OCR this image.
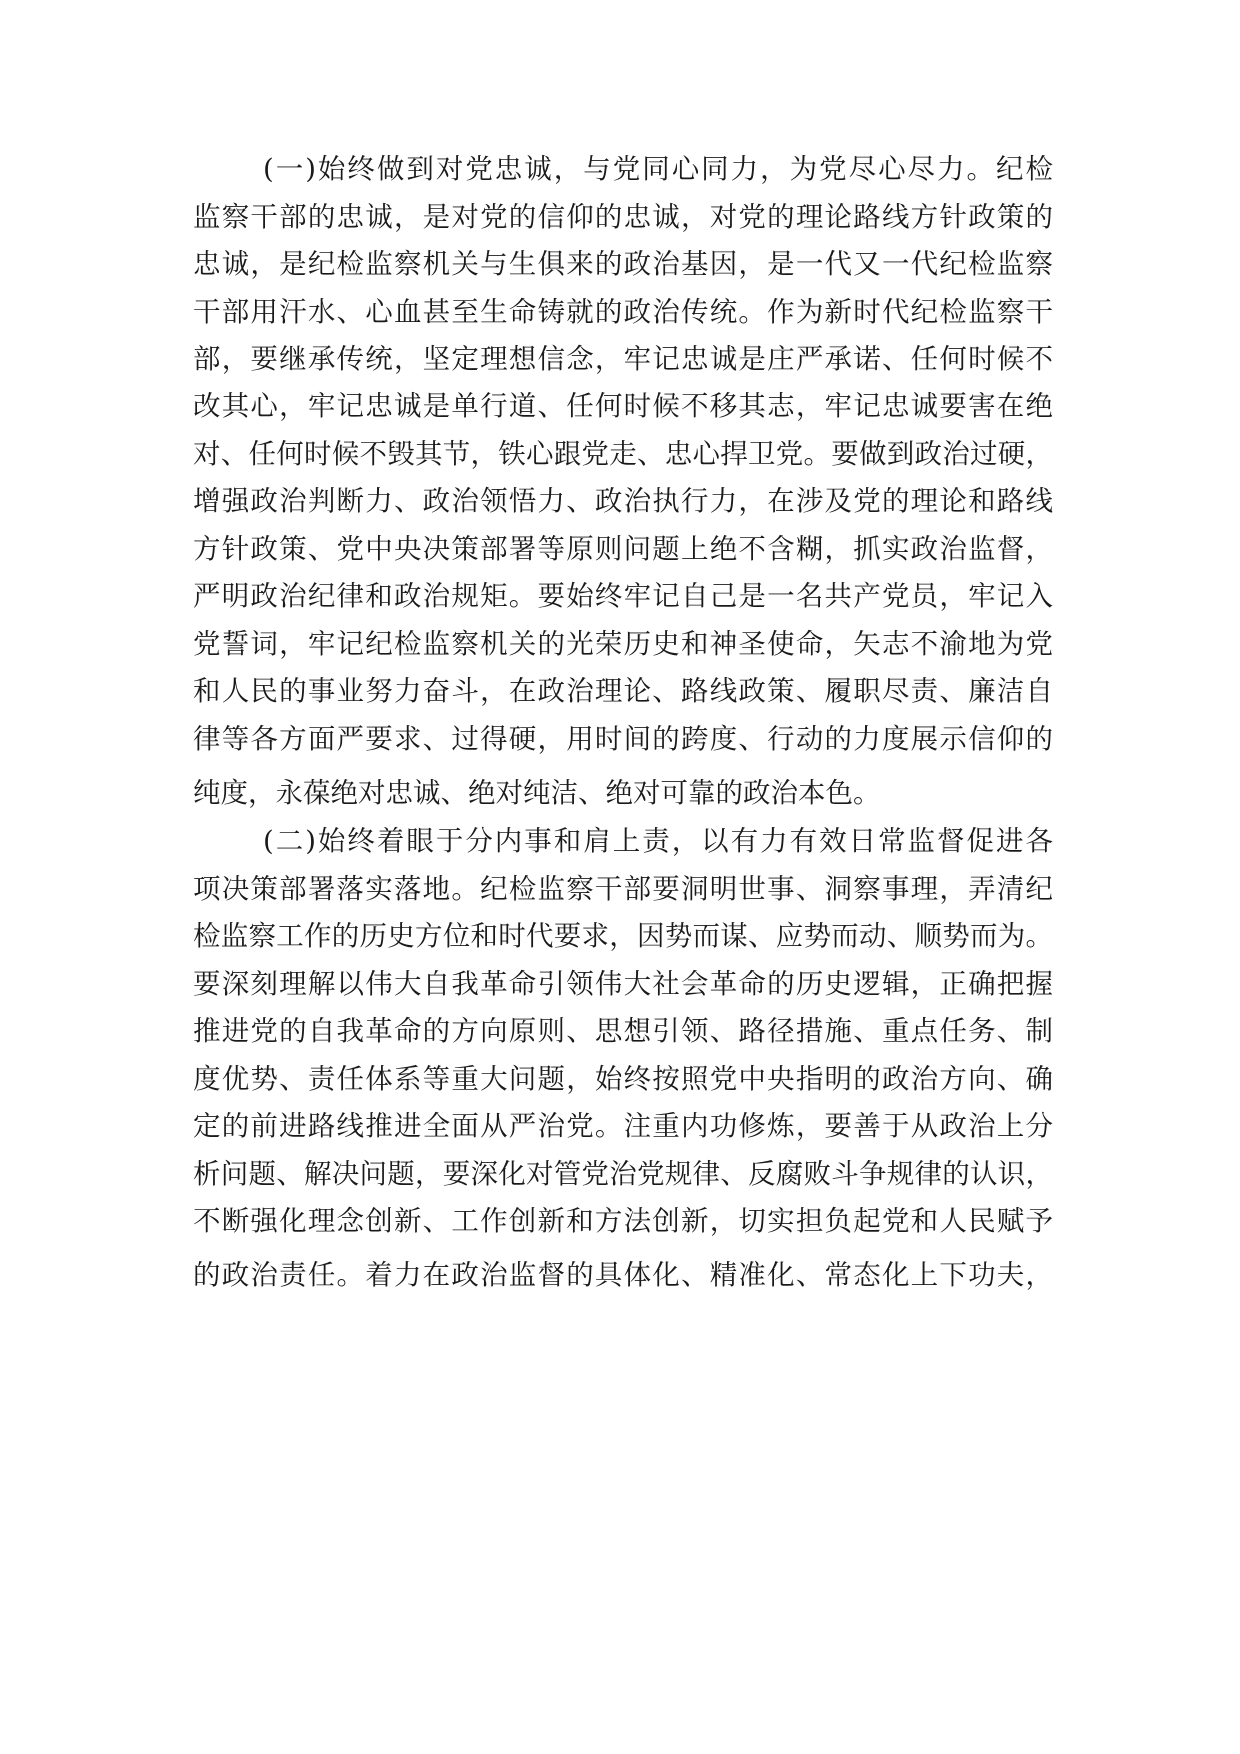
(一)始终做到对党忠诚，与党同心同力，为党尽心尽力。纪检
监察干部的忠诚，是对党的信仰的忠诚，对党的理论路线方针政策的
忠诚，是纪检监察机关与生俱来的政治基因，是一代又一代纪检监察
干部用汗水、心血甚至生命铸就的政治传统。作为新时代纪检监察干
部，要继承传统，坚定理想信念，牢记忠诚是庄严承诺、任何时候不
改其心，牢记忠诚是单行道、任何时候不移其志，牢记忠诚要害在绝
对、任何时候不毁其节，铁心跟党走、忠心捍卫党。要做到政治过硬，
增强政治判断力、政治领悟力、政治执行力，在涉及党的理论和路线
方针政策、党中央决策部署等原则问题上绝不含糊，抓实政治监督，
严明政治纪律和政治规矩。要始终牢记自己是一名共产党员，牢记入
党誓词，牢记纪检监察机关的光荣历史和神圣使命，矢志不渝地为党
和人民的事业努力奋斗，在政治理论、路线政策、履职尽责、廉洁自
律等各方面严要求、过得硬，用时间的跨度、行动的力度展示信仰的
纯度，永葆绝对忠诚、绝对纯洁、绝对可靠的政治本色。
(二)始终着眼于分内事和肩上责，以有力有效日常监督促进各
项决策部署落实落地。纪检监察干部要洞明世事、洞察事理，弄清纪
检监察工作的历史方位和时代要求，因势而谋、应势而动、顺势而为。
要深刻理解以伟大自我革命引领伟大社会革命的历史逻辑，正确把握
推进党的自我革命的方向原则、思想引领、路径措施、重点任务、制
度优势、责任体系等重大问题，始终按照党中央指明的政治方向、确
定的前进路线推进全面从严治党。注重内功修炼，要善于从政治上分
析问题、解决问题，要深化对管党治党规律、反腐败斗争规律的认识，
不断强化理念创新、工作创新和方法创新，切实担负起党和人民赋予
的政治责任。着力在政治监督的具体化、精准化、常态化上下功夫，
